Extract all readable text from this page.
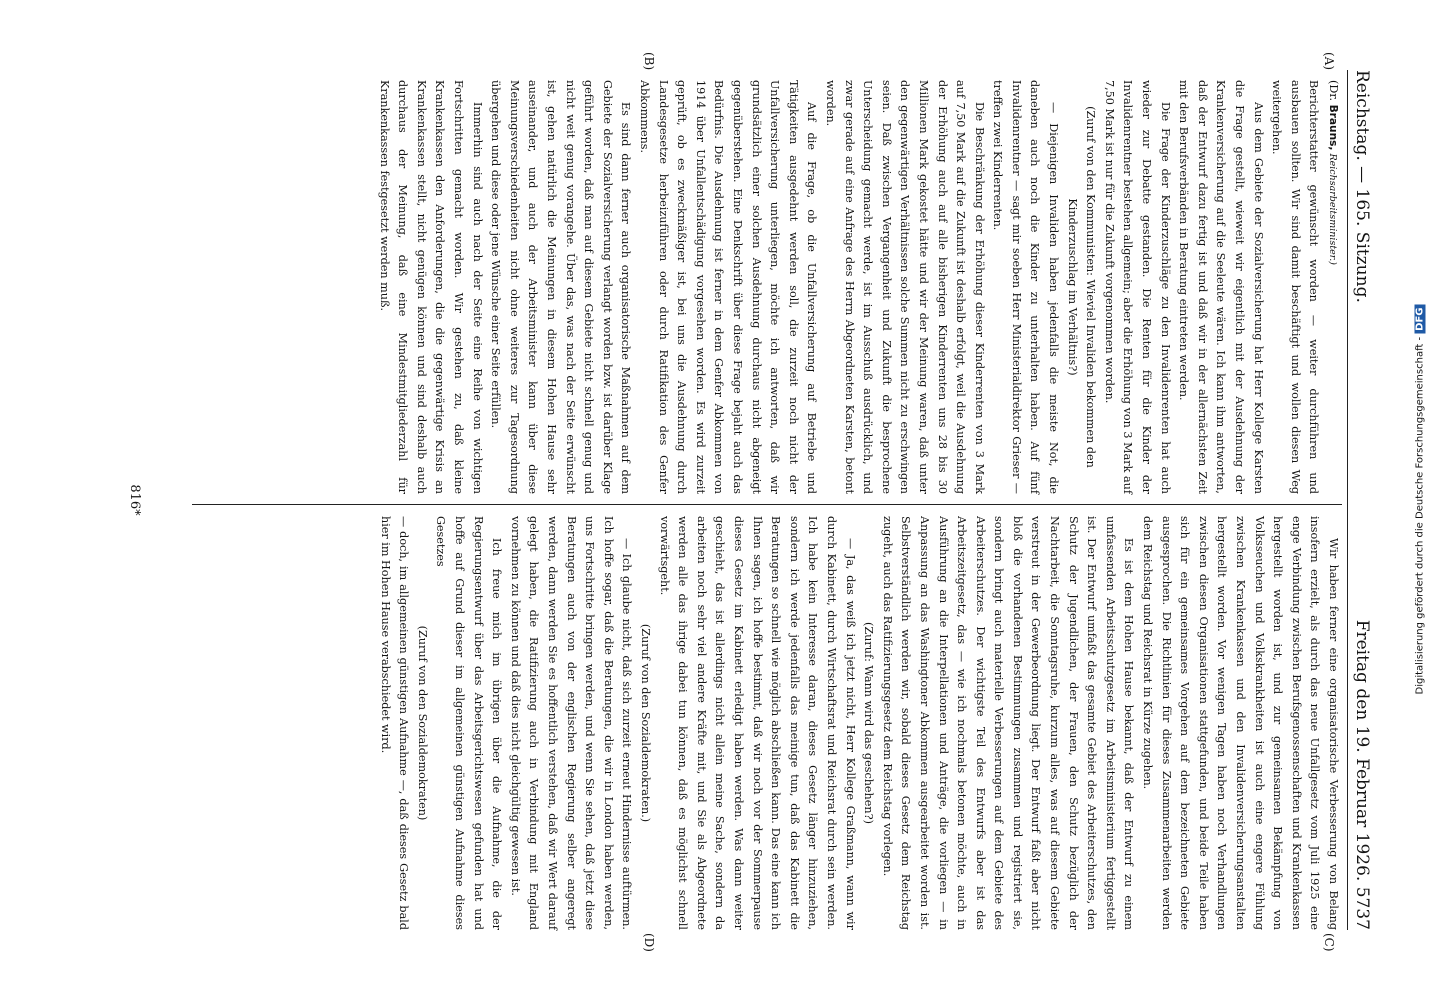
Reichstag. — 165. Sitzung.
Freitag den 19. Februar 1926. 5737
(A)
(B)
(C)
(D)

(Dr. Brauns, Reichsarbeitsminister.)

Berichterstatter gewünscht worden — weiter durchführen und ausbauen sollten. Wir sind damit beschäftigt und wollen diesen Weg weitergehen.

Aus dem Gebiete der Sozialversicherung hat Herr Kollege Karsten die Frage gestellt, wieweit wir eigentlich mit der Ausdehnung der Krankenversicherung auf die Seeleute wären. Ich kann ihm antworten, daß der Entwurf dazu fertig ist und daß wir in der allernächsten Zeit mit den Berufsverbänden in Beratung eintreten werden.

Die Frage der Kinderzuschläge zu den Invalidenrenten hat auch wieder zur Debatte gestanden. Die Renten für die Kinder der Invalidenrentner bestehen allgemein; aber die Erhöhung von 3 Mark auf 7,50 Mark ist nur für die Zukunft vorgenommen worden.

(Zuruf von den Kommunisten: Wieviel Invaliden bekommen den Kinderzuschlag im Verhältnis?)

— Diejenigen Invaliden haben jedenfalls die meiste Not, die daneben auch noch die Kinder zu unterhalten haben. Auf fünf Invalidenrentner — sagt mir soeben Herr Ministerialdirektor Grieser — treffen zwei Kinderrenten.

Die Beschränkung der Erhöhung dieser Kinderrenten von 3 Mark auf 7,50 Mark auf die Zukunft ist deshalb erfolgt, weil die Ausdehnung der Erhöhung auch auf alle bisherigen Kinderrenten uns 28 bis 30 Millionen Mark gekostet hätte und wir der Meinung waren, daß unter den gegenwärtigen Verhältnissen solche Summen nicht zu erschwingen seien. Daß zwischen Vergangenheit und Zukunft die besprochene Unterscheidung gemacht werde, ist im Ausschuß ausdrücklich, und zwar gerade auf eine Anfrage des Herrn Abgeordneten Karsten, betont worden.

Auf die Frage, ob die Unfallversicherung auf Betriebe und Tätigkeiten ausgedehnt werden soll, die zurzeit noch nicht der Unfallversicherung unterliegen, möchte ich antworten, daß wir grundsätzlich einer solchen Ausdehnung durchaus nicht abgeneigt gegenüberstehen. Eine Denkschrift über diese Frage bejaht auch das Bedürfnis. Die Ausdehnung ist ferner in dem Genfer Abkommen von 1914 über Unfallentschädigung vorgesehen worden. Es wird zurzeit geprüft, ob es zweckmäßiger ist, bei uns die Ausdehnung durch Landesgesetze herbeizuführen oder durch Ratifikation des Genfer Abkommens.

Es sind dann ferner auch organisatorische Maßnahmen auf dem Gebiete der Sozialversicherung verlangt worden bzw. ist darüber Klage geführt worden, daß man auf diesem Gebiete nicht schnell genug und nicht weit genug vorangehe. Über das, was nach der Seite erwünscht ist, gehen natürlich die Meinungen in diesem Hohen Hause sehr auseinander, und auch der Arbeitsminister kann über diese Meinungsverschiedenheiten nicht ohne weiteres zur Tagesordnung übergehen und diese oder jene Wünsche einer Seite erfüllen.

Immerhin sind auch nach der Seite eine Reihe von wichtigen Fortschritten gemacht worden. Wir gestehen zu, daß kleine Krankenkassen den Anforderungen, die die gegenwärtige Krisis an Krankenkassen stellt, nicht genügen können und sind deshalb auch durchaus der Meinung, daß eine Mindestmitgliederzahl für Krankenkassen festgesetzt werden muß.

Wir haben ferner eine organisatorische Verbesserung von Belang insofern erzielt, als durch das neue Unfallgesetz vom Juli 1925 eine enge Verbindung zwischen Berufsgenossenschaften und Krankenkassen hergestellt worden ist, und zur gemeinsamen Bekämpfung von Volksseuchen und Volkskrankheiten ist auch eine engere Fühlung zwischen Krankenkassen und den Invalidenversicherungsanstalten hergestellt worden. Vor wenigen Tagen haben noch Verhandlungen zwischen diesen Organisationen stattgefunden, und beide Teile haben sich für ein gemeinsames Vorgehen auf dem bezeichneten Gebiete ausgesprochen. Die Richtlinien für dieses Zusammenarbeiten werden dem Reichstag und Reichsrat in Kürze zugehen.

Es ist dem Hohen Hause bekannt, daß der Entwurf zu einem umfassenden Arbeitsschutzgesetz im Arbeitsministerium fertiggestellt ist. Der Entwurf umfaßt das gesamte Gebiet des Arbeiterschutzes, den Schutz der Jugendlichen, der Frauen, den Schutz bezüglich der Nachtarbeit, die Sonntagsruhe, kurzum alles, was auf diesem Gebiete verstreut in der Gewerbeordnung liegt. Der Entwurf faßt aber nicht bloß die vorhandenen Bestimmungen zusammen und registriert sie, sondern bringt auch materielle Verbesserungen auf dem Gebiete des Arbeiterschutzes. Der wichtigste Teil des Entwurfs aber ist das Arbeitszeitgesetz, das — wie ich nochmals betonen möchte, auch in Ausführung an die Interpellationen und Anträge, die vorliegen — in Anpassung an das Washingtoner Abkommen ausgearbeitet worden ist. Selbstverständlich werden wir, sobald dieses Gesetz dem Reichstag zugeht, auch das Ratifizierungsgesetz dem Reichstag vorlegen.

(Zuruf: Wann wird das geschehen?)

— Ja, das weiß ich jetzt nicht, Herr Kollege Graßmann, wann wir durch Kabinett, durch Wirtschaftsrat und Reichsrat durch sein werden. Ich habe kein Interesse daran, dieses Gesetz länger hinzuziehen, sondern ich werde jedenfalls das meinige tun, daß das Kabinett die Beratungen so schnell wie möglich abschließen kann. Das eine kann ich Ihnen sagen, ich hoffe bestimmt, daß wir noch vor der Sommerpause dieses Gesetz im Kabinett erledigt haben werden. Was dann weiter geschieht, das ist allerdings nicht allein meine Sache, sondern da arbeiten noch sehr viel andere Kräfte mit, und Sie als Abgeordnete werden alle das ihrige dabei tun können, daß es möglichst schnell vorwärtsgeht.

(Zuruf von den Sozialdemokraten.)

— Ich glaube nicht, daß sich zurzeit erneut Hindernisse auftürmen. Ich hoffe sogar, daß die Beratungen, die wir in London haben werden, uns Fortschritte bringen werden, und wenn Sie sehen, daß jetzt diese Beratungen auch von der englischen Regierung selber angeregt werden, dann werden Sie es hoffentlich verstehen, daß wir Wert darauf gelegt haben, die Ratifizierung auch in Verbindung mit England vornehmen zu können und daß dies nicht gleichgültig gewesen ist.

Ich freue mich im übrigen über die Aufnahme, die der Regierungsentwurf über das Arbeitsgerichtswesen gefunden hat und hoffe auf Grund dieser im allgemeinen günstigen Aufnahme dieses Gesetzes

(Zuruf von den Sozialdemokraten)

— doch, im allgemeinen günstigen Aufnahme —, daß dieses Gesetz bald hier im Hohen Hause verabschiedet wird.

816*	Digitalisierung gefördert durch die Deutsche Forschungsgemeinschaft -DFG
